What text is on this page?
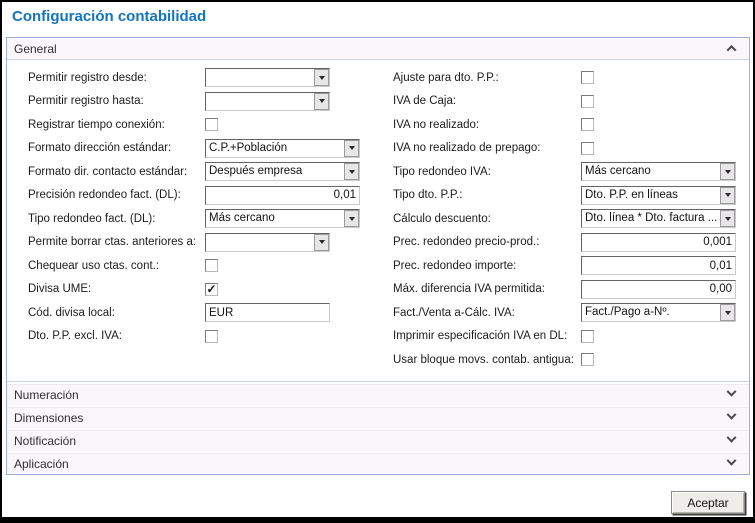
Configuración contabilidad
General
Permitir registro desde:
Permitir registro hasta:
Registrar tiempo conexión:
Formato dirección estándar:	C.P.+Población
Formato dir. contacto estándar:	Después empresa
Precisión redondeo fact. (DL):
0,01
Tipo redondeo fact. (DL):	Más cercano
Permite borrar ctas. anteriores a:
Chequear uso ctas. cont.:
Divisa UME:	✓
Cód. divisa local:
EUR
Dto. P.P. excl. IVA:
Ajuste para dto. P.P.:
IVA de Caja:
IVA no realizado:
IVA no realizado de prepago:
Tipo redondeo IVA:	Más cercano
Tipo dto. P.P.:	Dto. P.P. en líneas
Cálculo descuento:	Dto. línea * Dto. factura ...
Prec. redondeo precio-prod.:
0,001
Prec. redondeo importe:
0,01
Máx. diferencia IVA permitida:
0,00
Fact./Venta a-Cálc. IVA:	Fact./Pago a-Nº.
Imprimir especificación IVA en DL:
Usar bloque movs. contab. antigua:
Numeración
Dimensiones
Notificación
Aplicación
Aceptar
